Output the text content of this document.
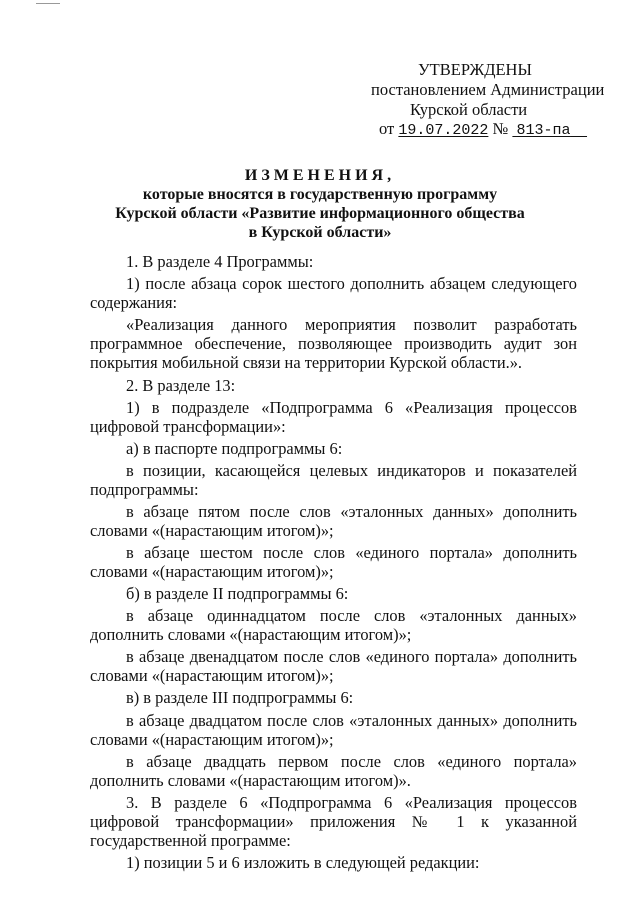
УТВЕРЖДЕНЫ
постановлением Администрации
Курской области
от 19.07.2022 № 813-па
ИЗМЕНЕНИЯ,
которые вносятся в государственную программу
Курской области «Развитие информационного общества
в Курской области»

1. В разделе 4 Программы:

1) после абзаца сорок шестого дополнить абзацем следующего содержания:

«Реализация данного мероприятия позволит разработать программное обеспечение, позволяющее производить аудит зон покрытия мобильной связи на территории Курской области.».

2. В разделе 13:

1) в подразделе «Подпрограмма 6 «Реализация процессов цифровой трансформации»:

а) в паспорте подпрограммы 6:

в позиции, касающейся целевых индикаторов и показателей подпрограммы:

в абзаце пятом после слов «эталонных данных» дополнить словами «(нарастающим итогом)»;

в абзаце шестом после слов «единого портала» дополнить словами «(нарастающим итогом)»;

б) в разделе II подпрограммы 6:

в абзаце одиннадцатом после слов «эталонных данных» дополнить словами «(нарастающим итогом)»;

в абзаце двенадцатом после слов «единого портала» дополнить словами «(нарастающим итогом)»;

в) в разделе III подпрограммы 6:

в абзаце двадцатом после слов «эталонных данных» дополнить словами «(нарастающим итогом)»;

в абзаце двадцать первом после слов «единого портала» дополнить словами «(нарастающим итогом)».

3. В разделе 6 «Подпрограмма 6 «Реализация процессов цифровой трансформации» приложения № 1 к указанной государственной программе:

1) позиции 5 и 6 изложить в следующей редакции:
